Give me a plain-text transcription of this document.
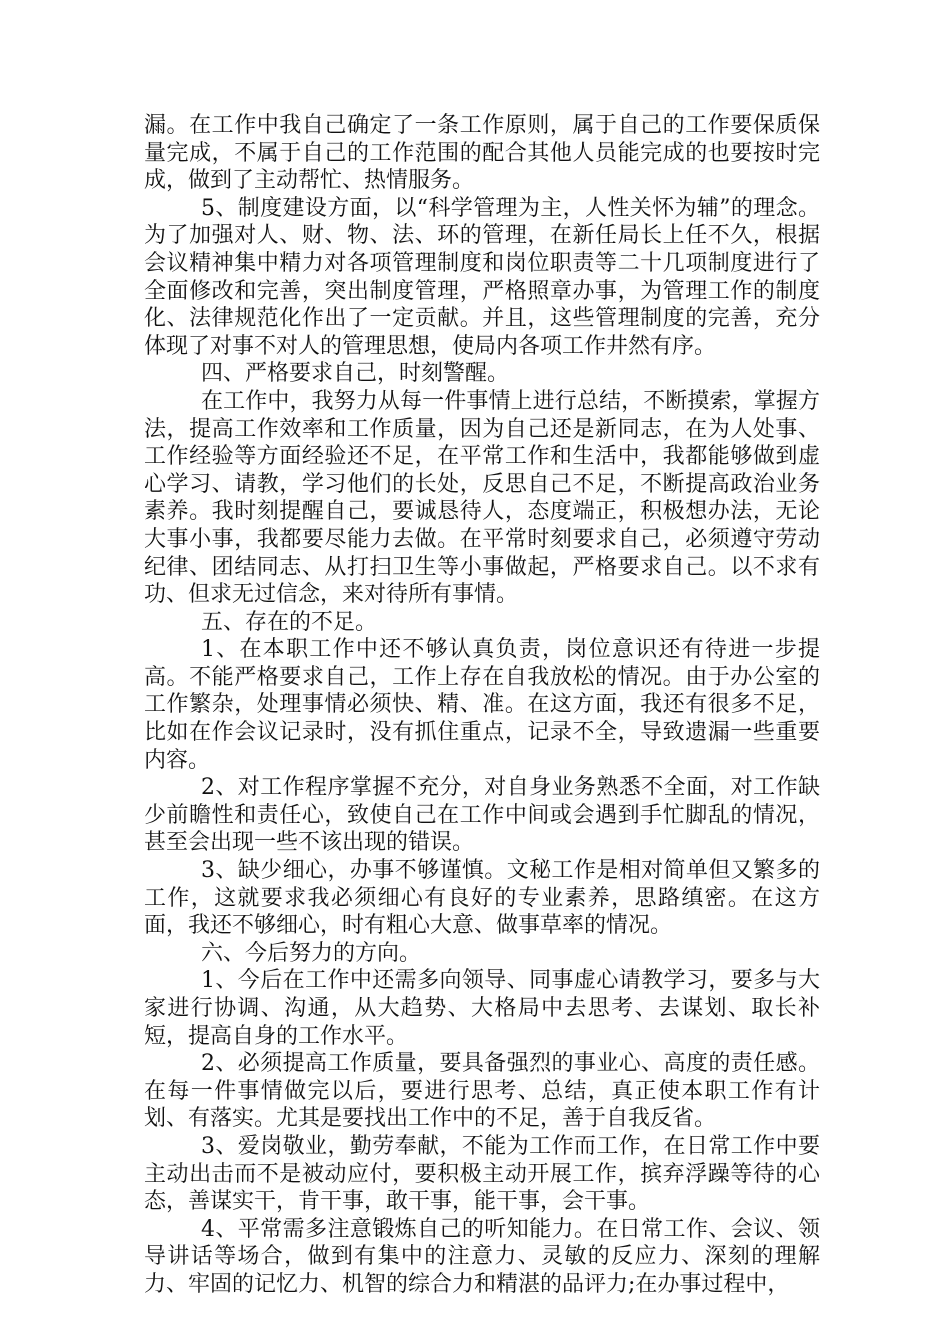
漏。在工作中我自己确定了一条工作原则，属于自己的工作要保质保量完成，不属于自己的工作范围的配合其他人员能完成的也要按时完成，做到了主动帮忙、热情服务。

5、制度建设方面，以“科学管理为主，人性关怀为辅”的理念。为了加强对人、财、物、法、环的管理，在新任局长上任不久，根据会议精神集中精力对各项管理制度和岗位职责等二十几项制度进行了全面修改和完善，突出制度管理，严格照章办事，为管理工作的制度化、法律规范化作出了一定贡献。并且，这些管理制度的完善，充分体现了对事不对人的管理思想，使局内各项工作井然有序。

四、严格要求自己，时刻警醒。

在工作中，我努力从每一件事情上进行总结，不断摸索，掌握方法，提高工作效率和工作质量，因为自己还是新同志，在为人处事、工作经验等方面经验还不足，在平常工作和生活中，我都能够做到虚心学习、请教，学习他们的长处，反思自己不足，不断提高政治业务素养。我时刻提醒自己，要诚恳待人，态度端正，积极想办法，无论大事小事，我都要尽能力去做。在平常时刻要求自己，必须遵守劳动纪律、团结同志、从打扫卫生等小事做起，严格要求自己。以不求有功、但求无过信念，来对待所有事情。

五、存在的不足。

1、在本职工作中还不够认真负责，岗位意识还有待进一步提高。不能严格要求自己，工作上存在自我放松的情况。由于办公室的工作繁杂，处理事情必须快、精、准。在这方面，我还有很多不足，比如在作会议记录时，没有抓住重点，记录不全，导致遗漏一些重要内容。

2、对工作程序掌握不充分，对自身业务熟悉不全面，对工作缺少前瞻性和责任心，致使自己在工作中间或会遇到手忙脚乱的情况，甚至会出现一些不该出现的错误。

3、缺少细心，办事不够谨慎。文秘工作是相对简单但又繁多的工作，这就要求我必须细心有良好的专业素养，思路缜密。在这方面，我还不够细心，时有粗心大意、做事草率的情况。

六、今后努力的方向。

1、今后在工作中还需多向领导、同事虚心请教学习，要多与大家进行协调、沟通，从大趋势、大格局中去思考、去谋划、取长补短，提高自身的工作水平。

2、必须提高工作质量，要具备强烈的事业心、高度的责任感。在每一件事情做完以后，要进行思考、总结，真正使本职工作有计划、有落实。尤其是要找出工作中的不足，善于自我反省。

3、爱岗敬业，勤劳奉献，不能为工作而工作，在日常工作中要主动出击而不是被动应付，要积极主动开展工作，摈弃浮躁等待的心态，善谋实干，肯干事，敢干事，能干事，会干事。

4、平常需多注意锻炼自己的听知能力。在日常工作、会议、领导讲话等场合，做到有集中的注意力、灵敏的反应力、深刻的理解力、牢固的记忆力、机智的综合力和精湛的品评力;在办事过程中，
